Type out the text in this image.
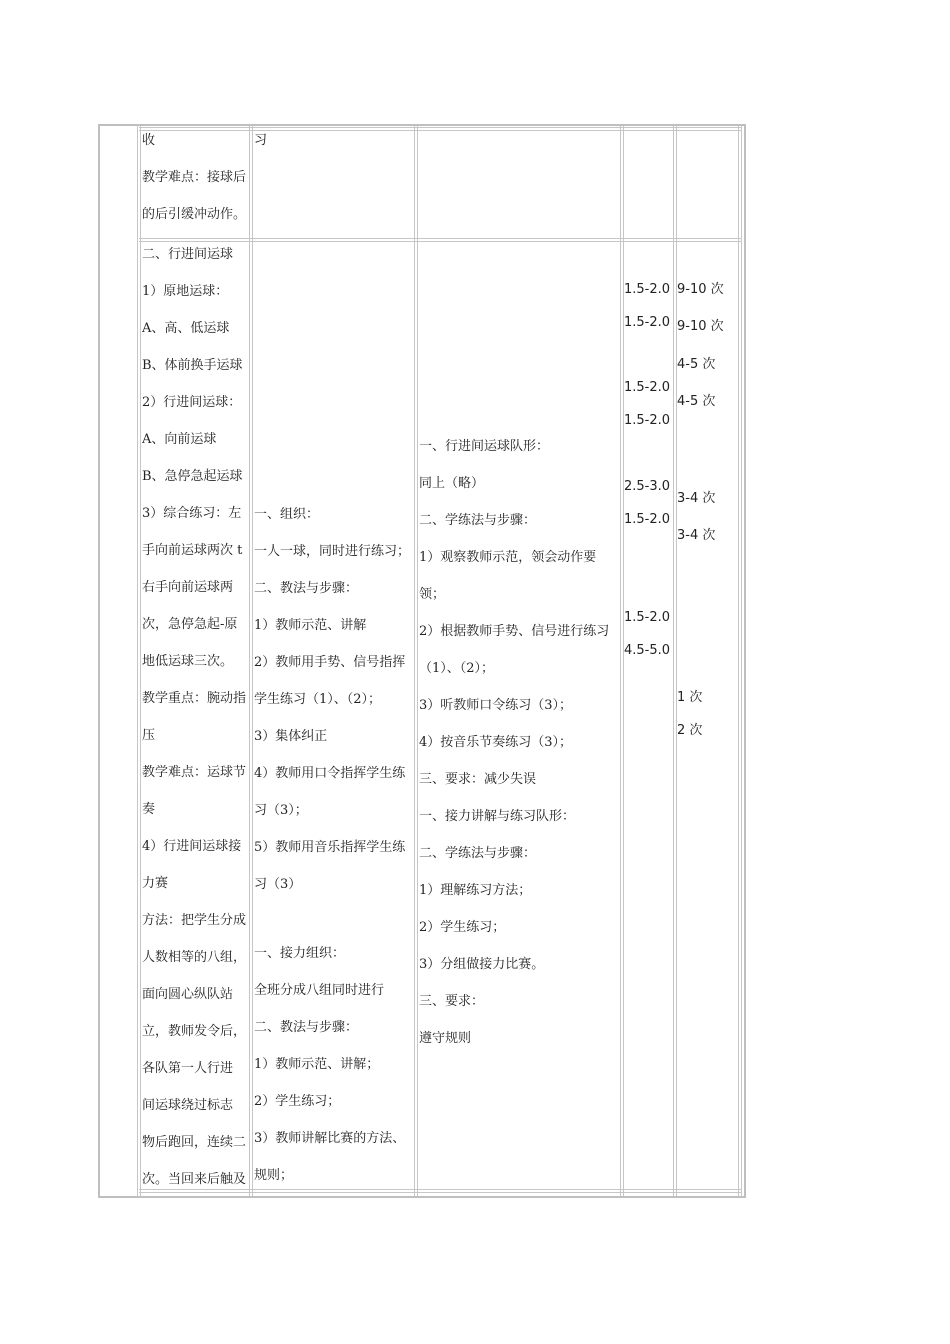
收
教学难点：接球后
的后引缓冲动作。
习
二、行进间运球
1）原地运球：
A、高、低运球
B、体前换手运球
2）行进间运球：
A、向前运球
B、急停急起运球
3）综合练习：左
手向前运球两次 t
右手向前运球两
次，急停急起-原
地低运球三次。
教学重点：腕动指
压
教学难点：运球节
奏
4）行进间运球接
力赛
方法：把学生分成
人数相等的八组，
面向圆心纵队站
立，教师发令后，
各队第一人行进
间运球绕过标志
物后跑回，连续二
次。当回来后触及
一、组织：
一人一球，同时进行练习；
二、教法与步骤：
1）教师示范、讲解
2）教师用手势、信号指挥
学生练习（1）、（2）；
3）集体纠正
4）教师用口令指挥学生练
习（3）；
5）教师用音乐指挥学生练
习（3）
一、接力组织：
全班分成八组同时进行
二、教法与步骤：
1）教师示范、讲解；
2）学生练习；
3）教师讲解比赛的方法、
规则；
一、行进间运球队形：
同上（略）
二、学练法与步骤：
1）观察教师示范，领会动作要
领；
2）根据教师手势、信号进行练习
（1）、（2）；
3）听教师口令练习（3）；
4）按音乐节奏练习（3）；
三、要求：减少失误
一、接力讲解与练习队形：
二、学练法与步骤：
1）理解练习方法；
2）学生练习；
3）分组做接力比赛。
三、要求：
遵守规则
1.5-2.0
1.5-2.0
1.5-2.0
1.5-2.0
2.5-3.0
1.5-2.0
1.5-2.0
4.5-5.0
9-10 次
9-10 次
4-5 次
4-5 次
3-4 次
3-4 次
1 次
2 次
